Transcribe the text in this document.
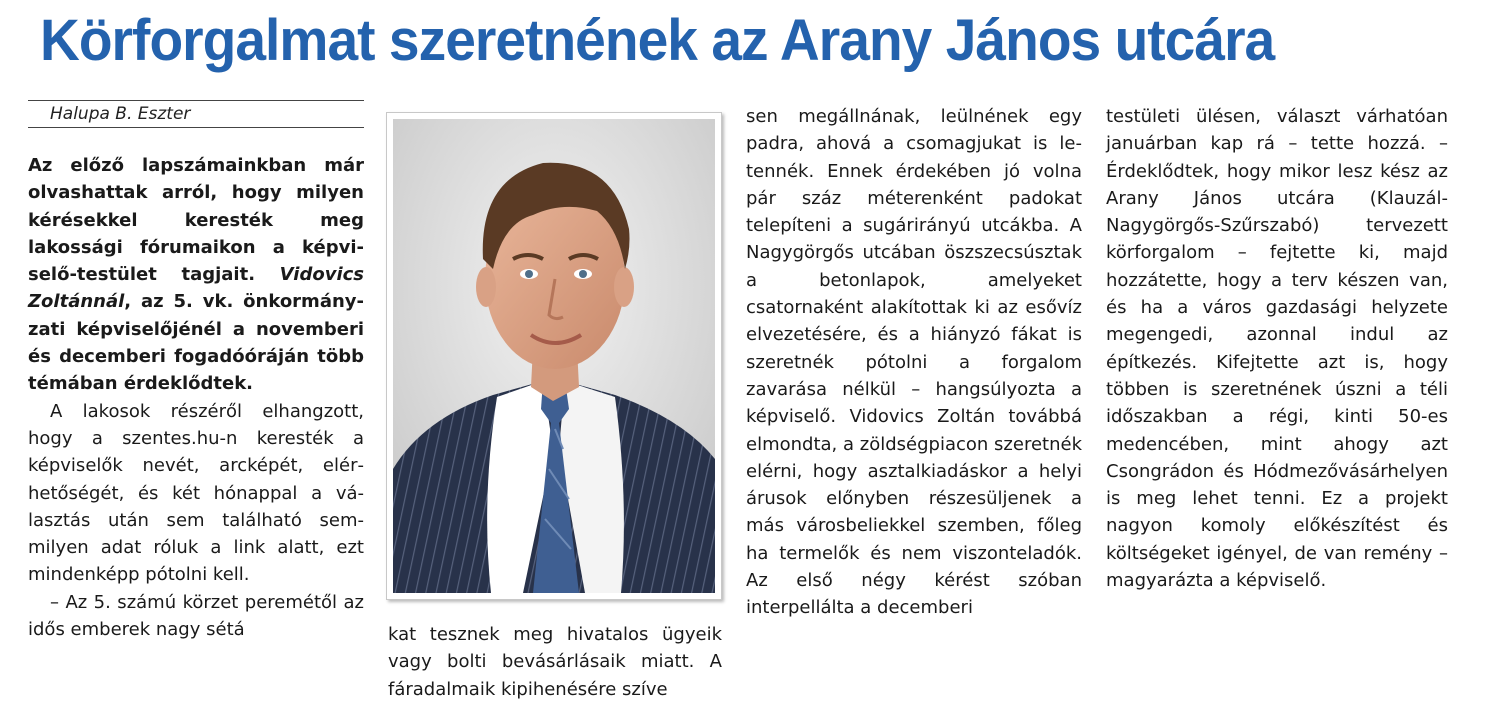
Körforgalmat szeretnének az Arany János utcára
Halupa B. Eszter

Az előző lapszámainkban már olvashattak arról, hogy milyen kérésekkel keresték meg lakossági fórumaikon a képviselő-testület tagjait. Vidovics Zoltánnál, az 5. vk. önkormányzati képviselőjénél a novemberi és decemberi fogadóóráján több témában érdeklődtek.

A lakosok részéről elhangzott, hogy a szentes.hu-n keresték a képviselők nevét, arcképét, elérhetőségét, és két hónappal a választás után sem található semmilyen adat róluk a link alatt, ezt mindenképp pótolni kell.

– Az 5. számú körzet peremétől az idős emberek nagy sétá	kat tesznek meg hivatalos ügyeik vagy bolti bevásárlásaik miatt. A fáradalmaik kipihenésére szíve

sen megállnának, leülnének egy padra, ahová a csomagjukat is letennék. Ennek érdekében jó volna pár száz méterenként padokat telepíteni a sugárirányú utcákba. A Nagygörgős utcában öszszecsúsztak a betonlapok, amelyeket csatornaként alakítottak ki az esővíz elvezetésére, és a hiányzó fákat is szeretnék pótolni a forgalom zavarása nélkül – hangsúlyozta a képviselő. Vidovics Zoltán továbbá elmondta, a zöldségpiacon szeretnék elérni, hogy asztalkiadáskor a helyi árusok előnyben részesüljenek a más városbeliekkel szemben, főleg ha termelők és nem viszonteladók. Az első négy kérést szóban interpellálta a decemberi

testületi ülésen, választ várhatóan januárban kap rá – tette hozzá. – Érdeklődtek, hogy mikor lesz kész az Arany János utcára (Klauzál-Nagygörgős-Szűrszabó) tervezett körforgalom – fejtette ki, majd hozzátette, hogy a terv készen van, és ha a város gazdasági helyzete megengedi, azonnal indul az építkezés. Kifejtette azt is, hogy többen is szeretnének úszni a téli időszakban a régi, kinti 50-es medencében, mint ahogy azt Csongrádon és Hódmezővásárhelyen is meg lehet tenni. Ez a projekt nagyon komoly előkészítést és költségeket igényel, de van remény – magyarázta a képviselő.
